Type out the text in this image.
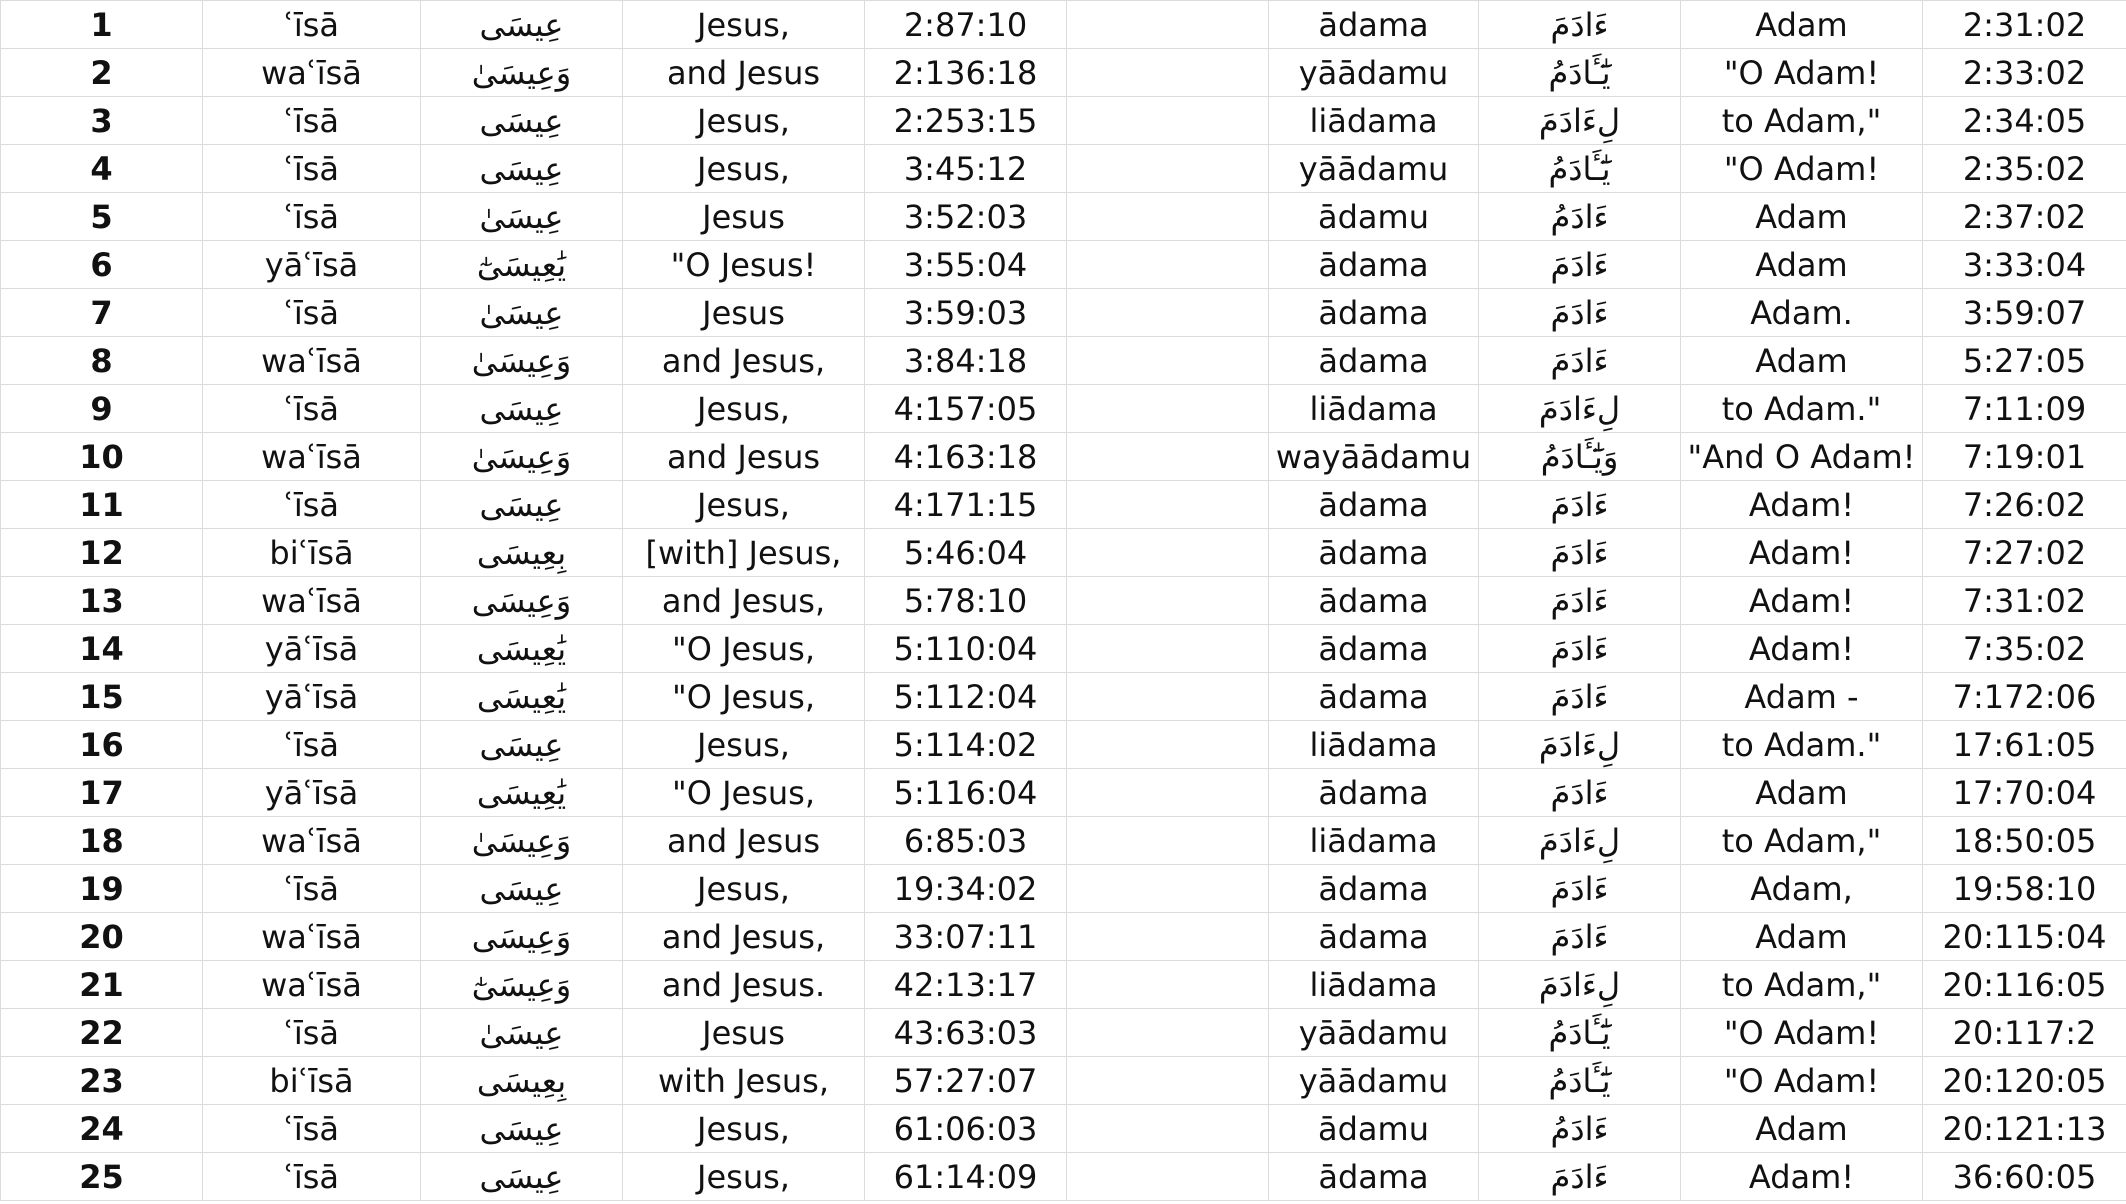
1	ʿīsā	عِيسَى	Jesus,	2:87:10		ādama	ءَادَمَ	Adam	2:31:02
2	waʿīsā	وَعِيسَىٰ	and Jesus	2:136:18		yāādamu	يَٰٓـَٔادَمُ	"O Adam!	2:33:02
3	ʿīsā	عِيسَى	Jesus,	2:253:15		liādama	لِءَادَمَ	to Adam,"	2:34:05
4	ʿīsā	عِيسَى	Jesus,	3:45:12		yāādamu	يَٰٓـَٔادَمُ	"O Adam!	2:35:02
5	ʿīsā	عِيسَىٰ	Jesus	3:52:03		ādamu	ءَادَمُ	Adam	2:37:02
6	yāʿīsā	يَٰعِيسَىٰٓ	"O Jesus!	3:55:04		ādama	ءَادَمَ	Adam	3:33:04
7	ʿīsā	عِيسَىٰ	Jesus	3:59:03		ādama	ءَادَمَ	Adam.	3:59:07
8	waʿīsā	وَعِيسَىٰ	and Jesus,	3:84:18		ādama	ءَادَمَ	Adam	5:27:05
9	ʿīsā	عِيسَى	Jesus,	4:157:05		liādama	لِءَادَمَ	to Adam."	7:11:09
10	waʿīsā	وَعِيسَىٰ	and Jesus	4:163:18		wayāādamu	وَيَٰٓـَٔادَمُ	"And O Adam!	7:19:01
11	ʿīsā	عِيسَى	Jesus,	4:171:15		ādama	ءَادَمَ	Adam!	7:26:02
12	biʿīsā	بِعِيسَى	[with] Jesus,	5:46:04		ādama	ءَادَمَ	Adam!	7:27:02
13	waʿīsā	وَعِيسَى	and Jesus,	5:78:10		ādama	ءَادَمَ	Adam!	7:31:02
14	yāʿīsā	يَٰعِيسَى	"O Jesus,	5:110:04		ādama	ءَادَمَ	Adam!	7:35:02
15	yāʿīsā	يَٰعِيسَى	"O Jesus,	5:112:04		ādama	ءَادَمَ	Adam -	7:172:06
16	ʿīsā	عِيسَى	Jesus,	5:114:02		liādama	لِءَادَمَ	to Adam."	17:61:05
17	yāʿīsā	يَٰعِيسَى	"O Jesus,	5:116:04		ādama	ءَادَمَ	Adam	17:70:04
18	waʿīsā	وَعِيسَىٰ	and Jesus	6:85:03		liādama	لِءَادَمَ	to Adam,"	18:50:05
19	ʿīsā	عِيسَى	Jesus,	19:34:02		ādama	ءَادَمَ	Adam,	19:58:10
20	waʿīsā	وَعِيسَى	and Jesus,	33:07:11		ādama	ءَادَمَ	Adam	20:115:04
21	waʿīsā	وَعِيسَىٰٓ	and Jesus.	42:13:17		liādama	لِءَادَمَ	to Adam,"	20:116:05
22	ʿīsā	عِيسَىٰ	Jesus	43:63:03		yāādamu	يَٰٓـَٔادَمُ	"O Adam!	20:117:2
23	biʿīsā	بِعِيسَى	with Jesus,	57:27:07		yāādamu	يَٰٓـَٔادَمُ	"O Adam!	20:120:05
24	ʿīsā	عِيسَى	Jesus,	61:06:03		ādamu	ءَادَمُ	Adam	20:121:13
25	ʿīsā	عِيسَى	Jesus,	61:14:09		ādama	ءَادَمَ	Adam!	36:60:05
